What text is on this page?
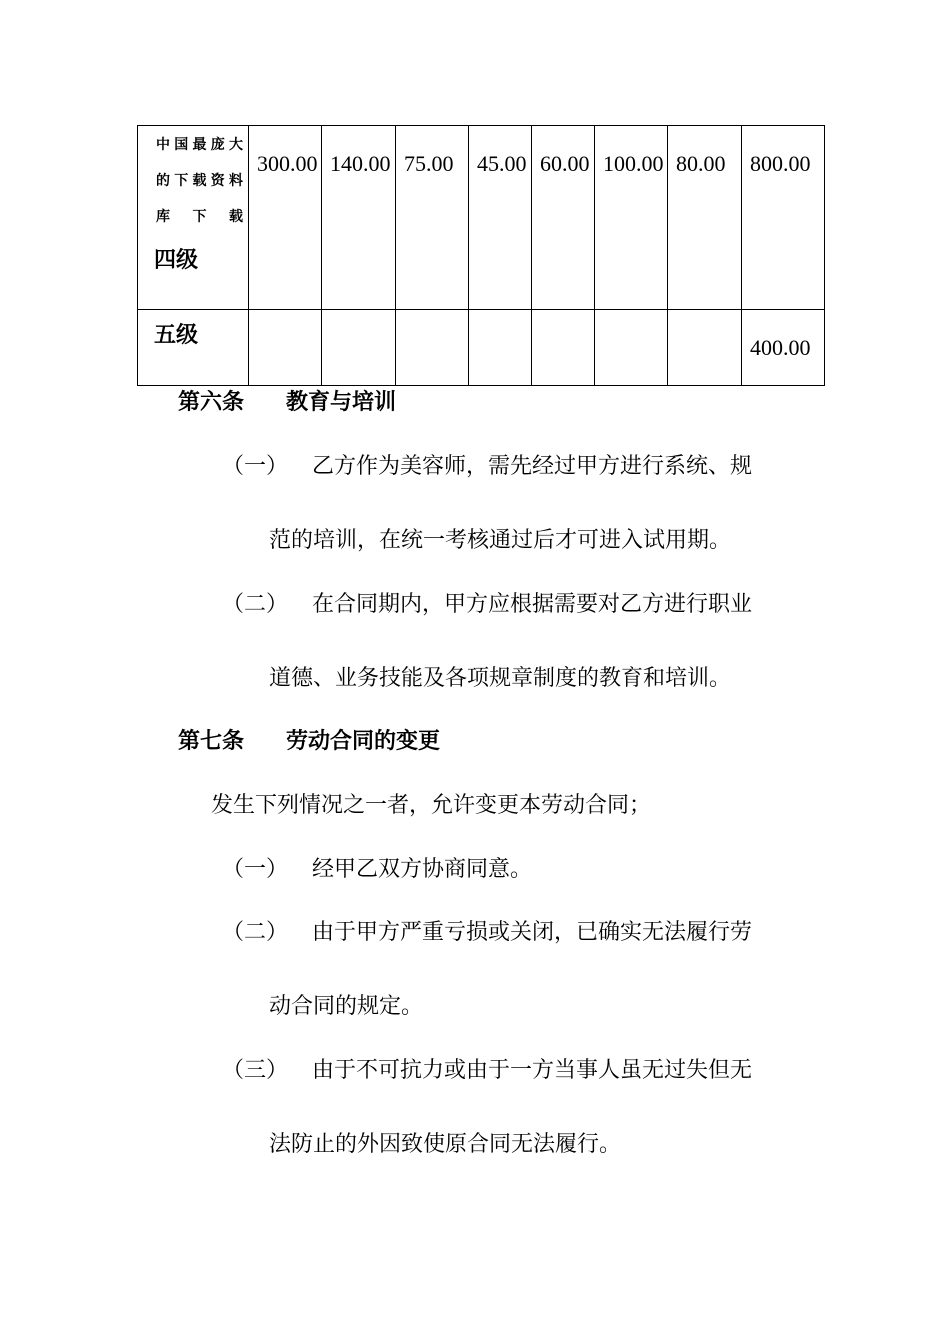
中国最庞大的下载资料库下载
四级	300.00	140.00	75.00	45.00	60.00	100.00	80.00	800.00

五级								400.00
第六条 教育与培训
（一） 乙方作为美容师，需先经过甲方进行系统、规
范的培训，在统一考核通过后才可进入试用期。
（二） 在合同期内，甲方应根据需要对乙方进行职业
道德、业务技能及各项规章制度的教育和培训。
第七条 劳动合同的变更
发生下列情况之一者，允许变更本劳动合同；
（一） 经甲乙双方协商同意。
（二） 由于甲方严重亏损或关闭，已确实无法履行劳
动合同的规定。
（三） 由于不可抗力或由于一方当事人虽无过失但无
法防止的外因致使原合同无法履行。
